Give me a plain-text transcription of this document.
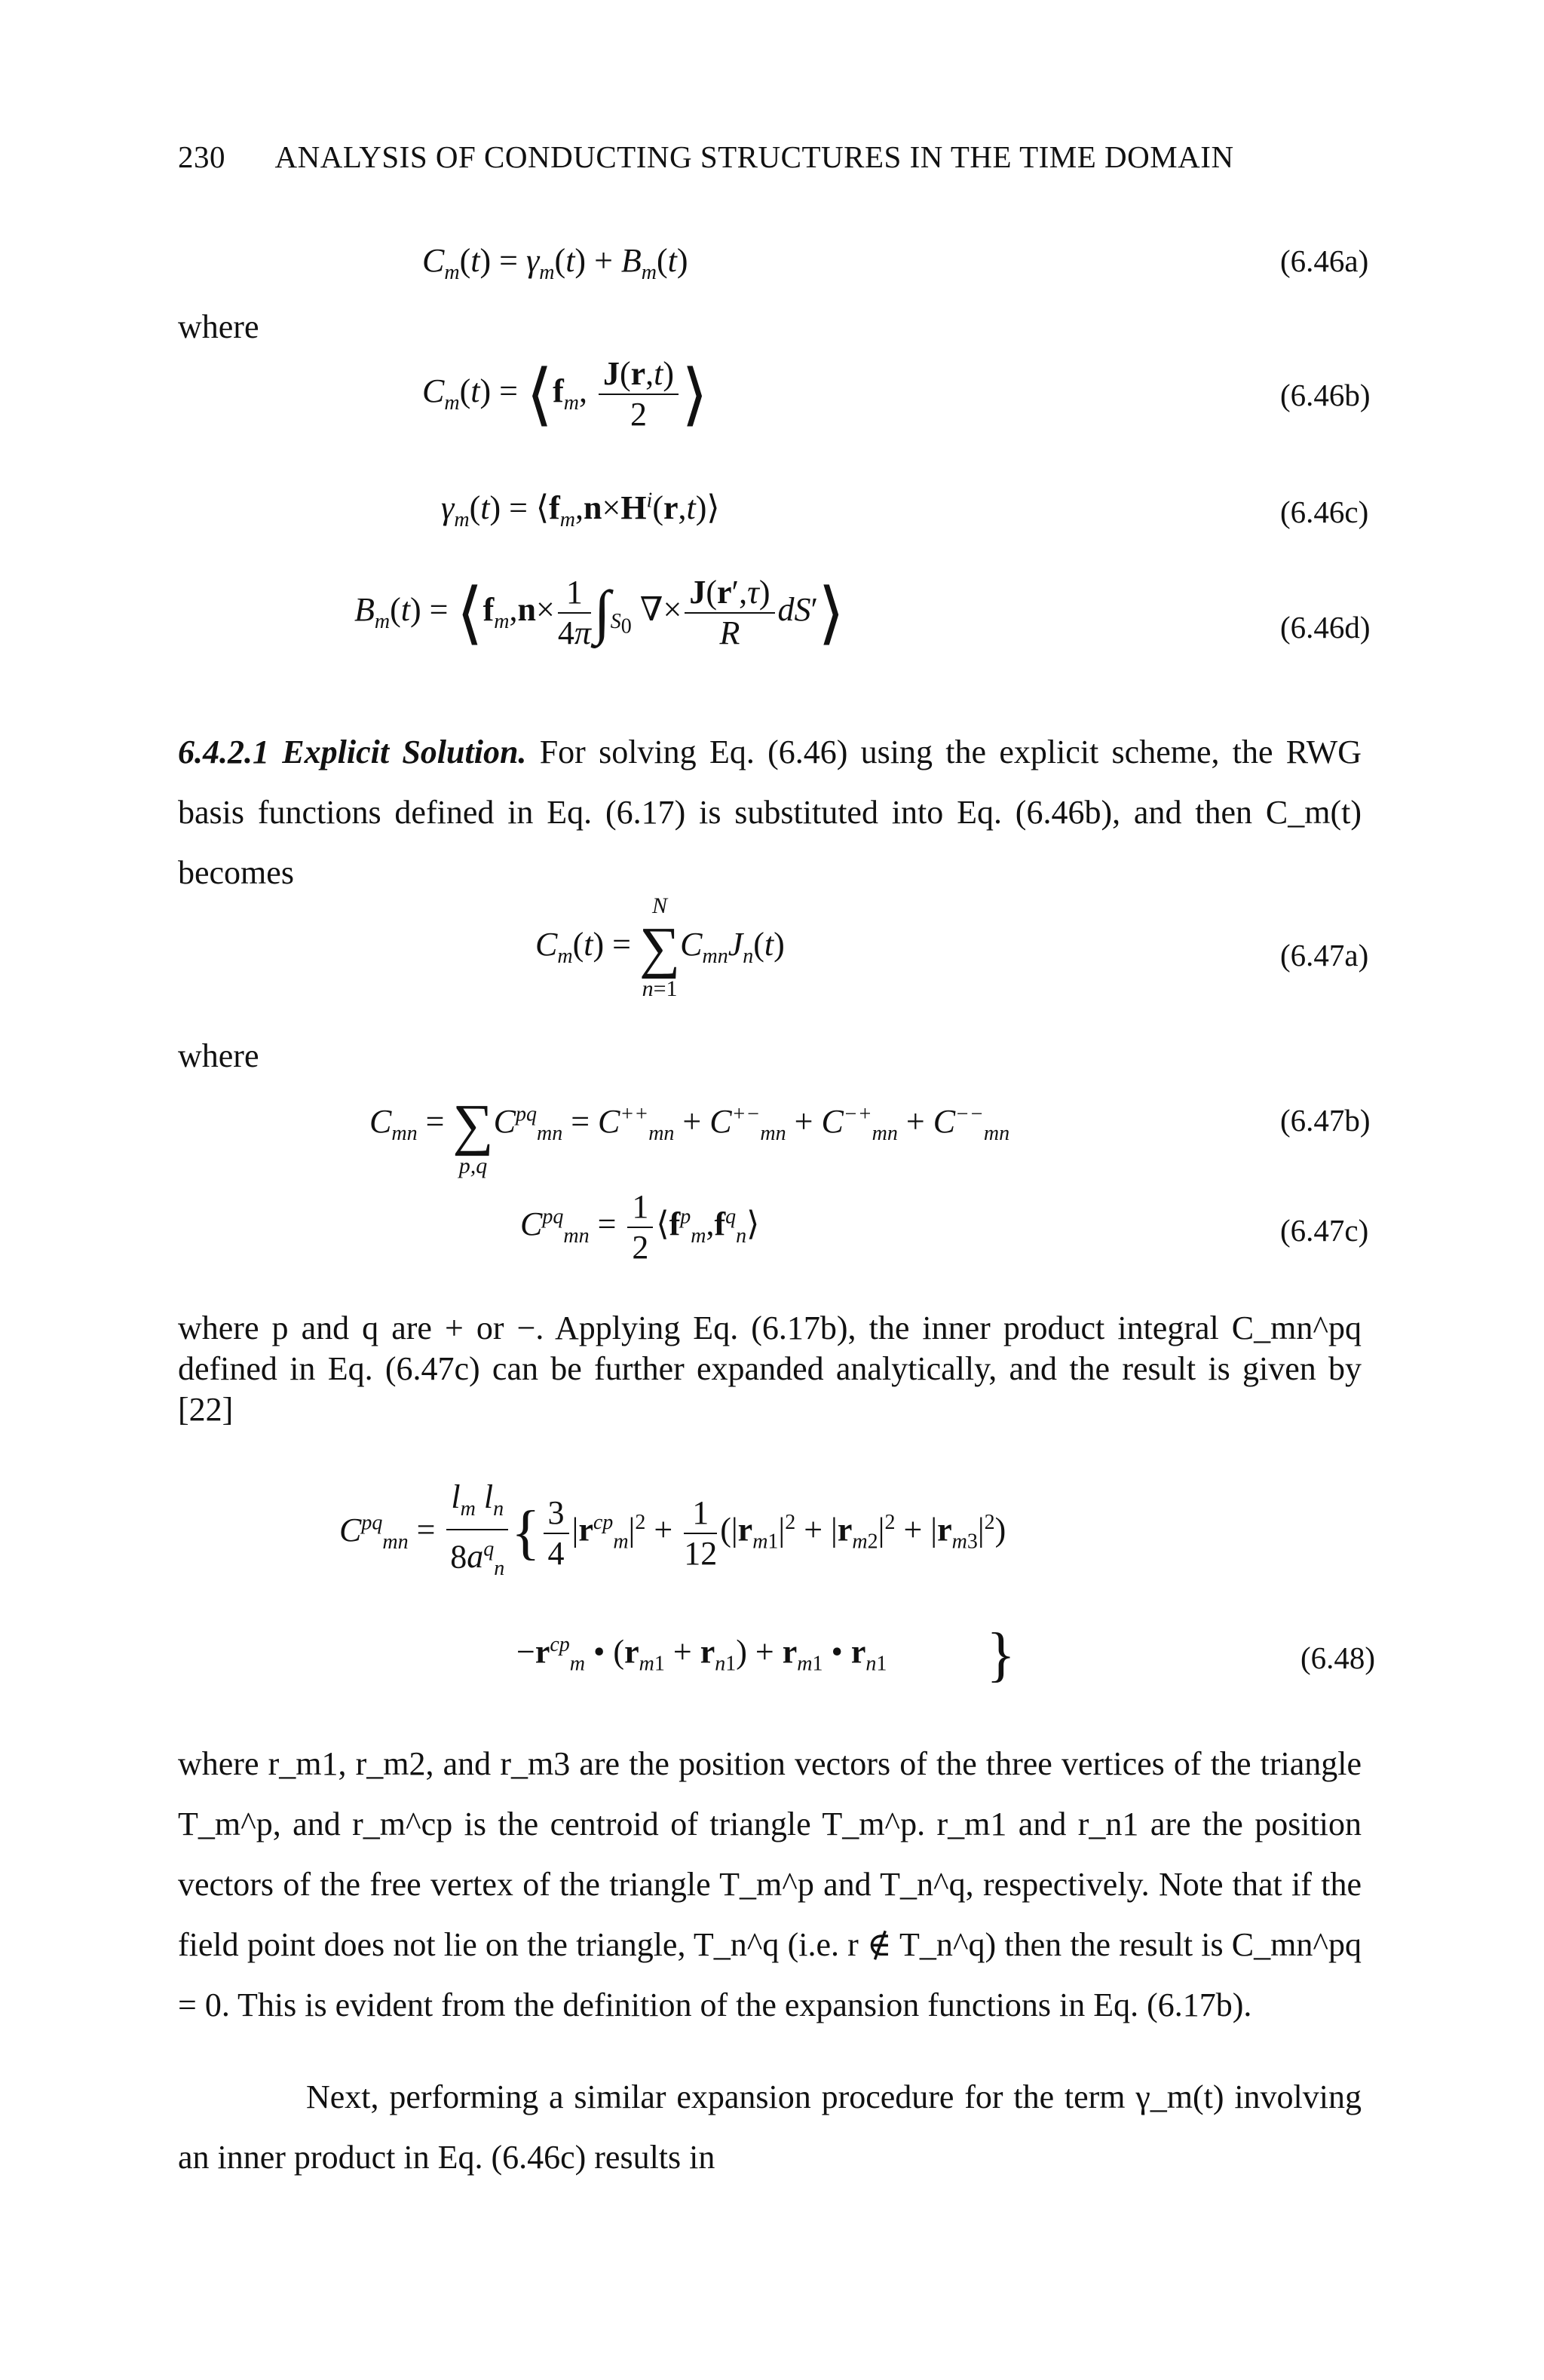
230 ANALYSIS OF CONDUCTING STRUCTURES IN THE TIME DOMAIN
$C_m(t) = \gamma_m(t) + B_m(t)$	(6.46a)
where
$C_m(t)$ = $⟨f_m$, $\frac{J(r,t)}{2}$ ⟩	(6.46b)
$\gamma_m(t)$ = $⟨f_m,n\times H^i(r,t)⟩$	(6.46c)
$B_m(t)$ = $⟨f_m,n\times \frac{1}{4\pi} \int_{S_0}$ ∇× $\frac{J(r',\tau)}{R}$ dS′⟩	(6.46d)
6.4.2.1 Explicit Solution. For solving Eq. (6.46) using the explicit scheme, the RWG basis functions defined in Eq. (6.17) is substituted into Eq. (6.46b), and then C_m(t) becomes
$C_m(t) = N$
∑
$n=1C_{mn}J_n(t)$	(6.47a)
where
$C_{mn}$ = ∑
$p,qC^{pq}_{mn} = C^{++}_{mn} + C^{+-}_{mn} + C^{-+}_{mn} + C^{--}_{mn}$	(6.47b)
$C^{pq}_{mn} = \frac{1}{2}$ $⟨f^p_m,f^q_n⟩$	(6.47c)
where p and q are + or −. Applying Eq. (6.17b), the inner product integral C_mn^pq defined in Eq. (6.47c) can be further expanded analytically, and the result is given by [22]
$C^{pq}_{mn} = \frac{l_m l_n}{8a^q_n}$ { $\frac{3}{4} |r^{cp}_m|^2 + \frac{1}{12} (|r_{m1}|^2 + |r_{m2}|^2 + |r_{m3}|^2)$
$-r^{cp}_m$ • $(r_{m1} + r_{n1}) + r_{m1}$ • $r_{n1}$ }	(6.48)
where r_m1, r_m2, and r_m3 are the position vectors of the three vertices of the triangle T_m^p, and r_m^cp is the centroid of triangle T_m^p. r_m1 and r_n1 are the position vectors of the free vertex of the triangle T_m^p and T_n^q, respectively. Note that if the field point does not lie on the triangle, T_n^q (i.e. r ∉ T_n^q) then the result is C_mn^pq = 0. This is evident from the definition of the expansion functions in Eq. (6.17b).
Next, performing a similar expansion procedure for the term γ_m(t) involving an inner product in Eq. (6.46c) results in
